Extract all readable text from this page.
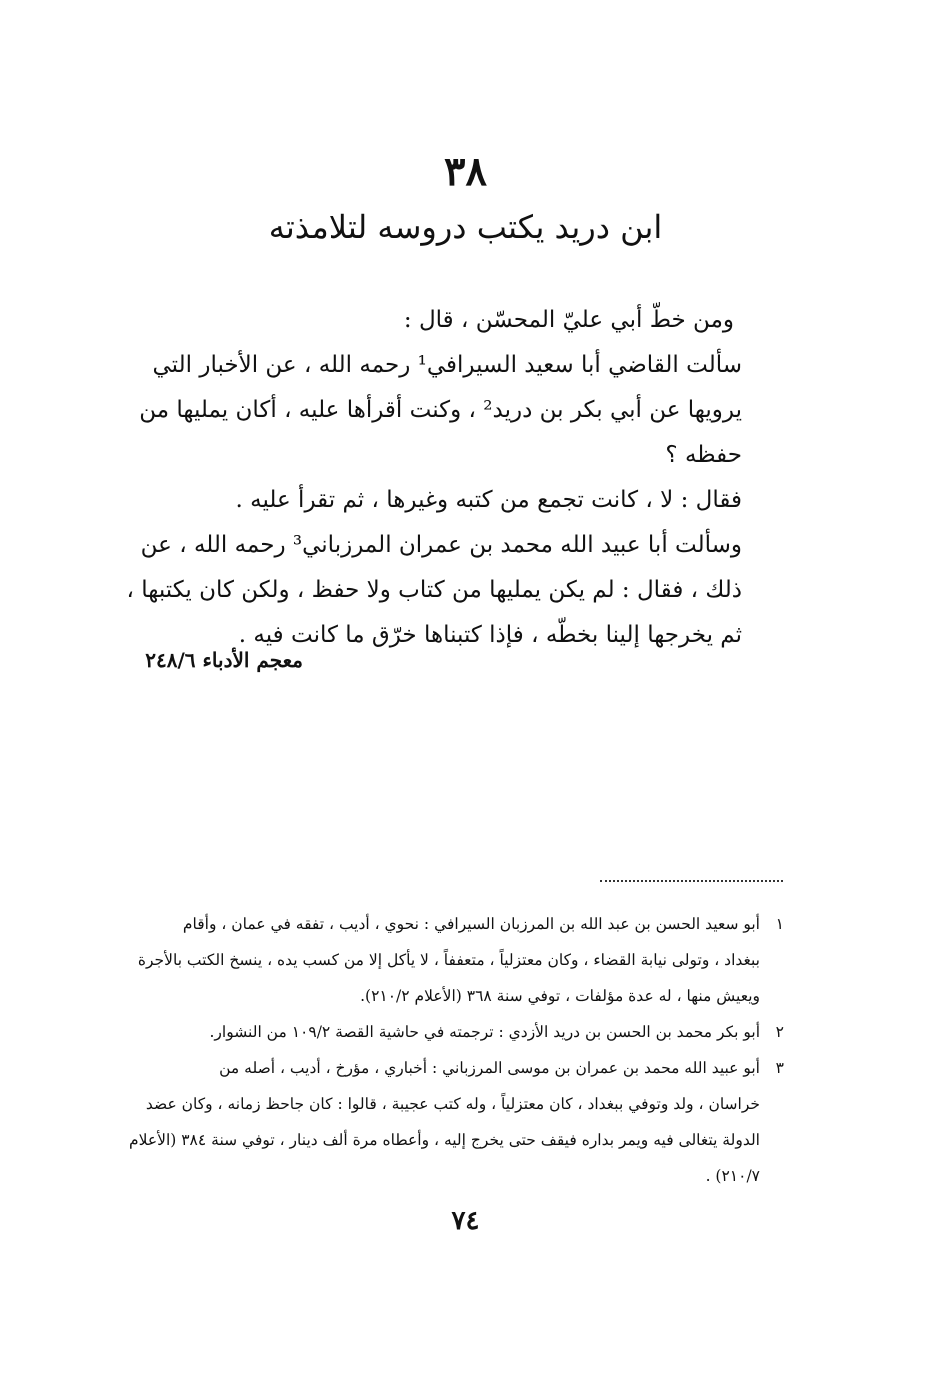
٣٨
ابن دريد يكتب دروسه لتلامذته

ومن خطّ أبي عليّ المحسّن ، قال :

سألت القاضي أبا سعيد السيرافي¹ رحمه الله ، عن الأخبار التي يرويها عن أبي بكر بن دريد² ، وكنت أقرأها عليه ، أكان يمليها من حفظه ؟

فقال : لا ، كانت تجمع من كتبه وغيرها ، ثم تقرأ عليه .

وسألت أبا عبيد الله محمد بن عمران المرزباني³ رحمه الله ، عن ذلك ، فقال : لم يكن يمليها من كتاب ولا حفظ ، ولكن كان يكتبها ، ثم يخرجها إلينا بخطّه ، فإذا كتبناها خرّق ما كانت فيه .

معجم الأدباء ٢٤٨/٦

١أبو سعيد الحسن بن عبد الله بن المرزبان السيرافي : نحوي ، أديب ، تفقه في عمان ، وأقام

ببغداد ، وتولى نيابة القضاء ، وكان معتزلياً ، متعففاً ، لا يأكل إلا من كسب يده ، ينسخ الكتب بالأجرة ويعيش منها ، له عدة مؤلفات ، توفي سنة ٣٦٨ (الأعلام ٢١٠/٢).

٢أبو بكر محمد بن الحسن بن دريد الأزدي : ترجمته في حاشية القصة ١٠٩/٢ من النشوار.

٣أبو عبيد الله محمد بن عمران بن موسى المرزباني : أخباري ، مؤرخ ، أديب ، أصله من

خراسان ، ولد وتوفي ببغداد ، كان معتزلياً ، وله كتب عجيبة ، قالوا : كان جاحظ زمانه ، وكان عضد الدولة يتغالى فيه ويمر بداره فيقف حتى يخرج إليه ، وأعطاه مرة ألف دينار ، توفي سنة ٣٨٤ (الأعلام ٢١٠/٧) .

٧٤
